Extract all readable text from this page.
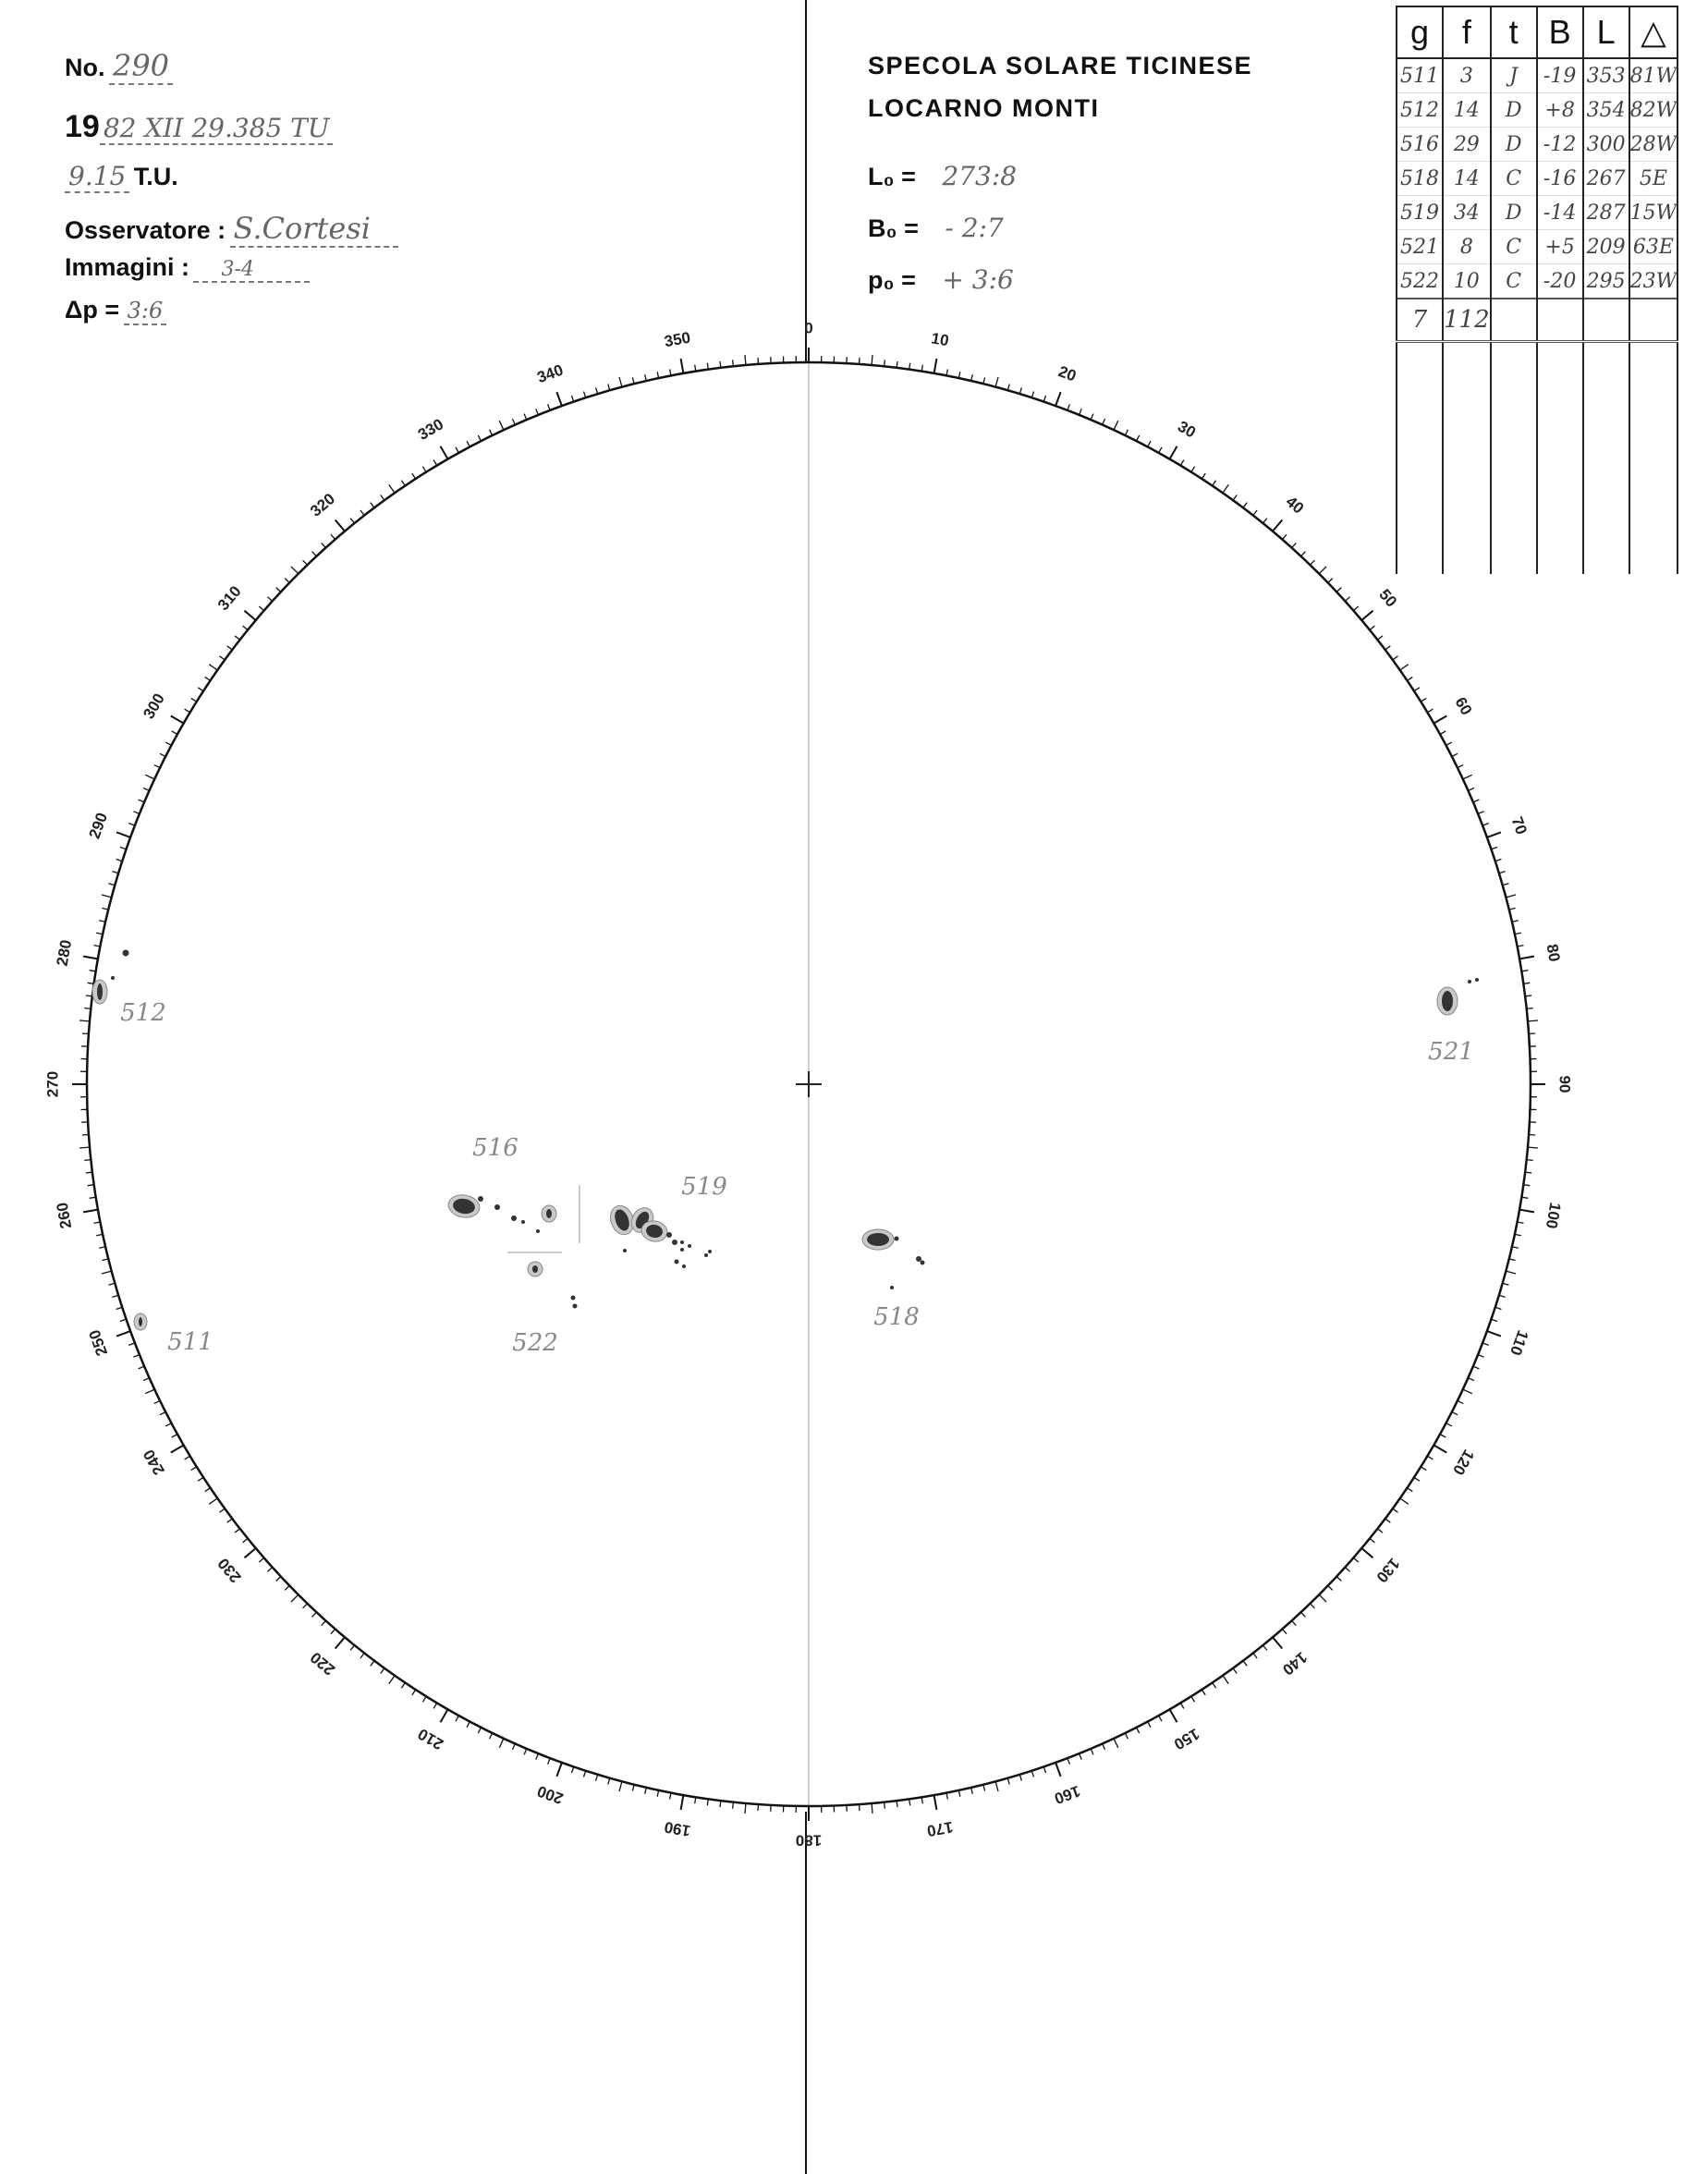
No. 290
19 82 XII 29.385 TU
9.15 T.U.
Osservatore : S.Cortesi
Immagini : 3-4
Δp = 3:6
SPECOLA SOLARE TICINESE
LOCARNO MONTI
L₀ = 273:8
B₀ = - 2:7
p₀ = + 3:6
g	f	t	B	L	△
511	3	J	-19	353	81W
512	14	D	+8	354	82W
516	29	D	-12	300	28W
518	14	C	-16	267	5E
519	34	D	-14	287	15W
521	8	C	+5	209	63E
522	10	C	-20	295	23W
7	112				

0
10
20
30
40
50
60
70
80
90
100
110
120
130
140
150
160
170
180
190
200
210
220
230
240
250
260
270
280
290
300
310
320
330
340
350
512
521
516
519
518
511	522
